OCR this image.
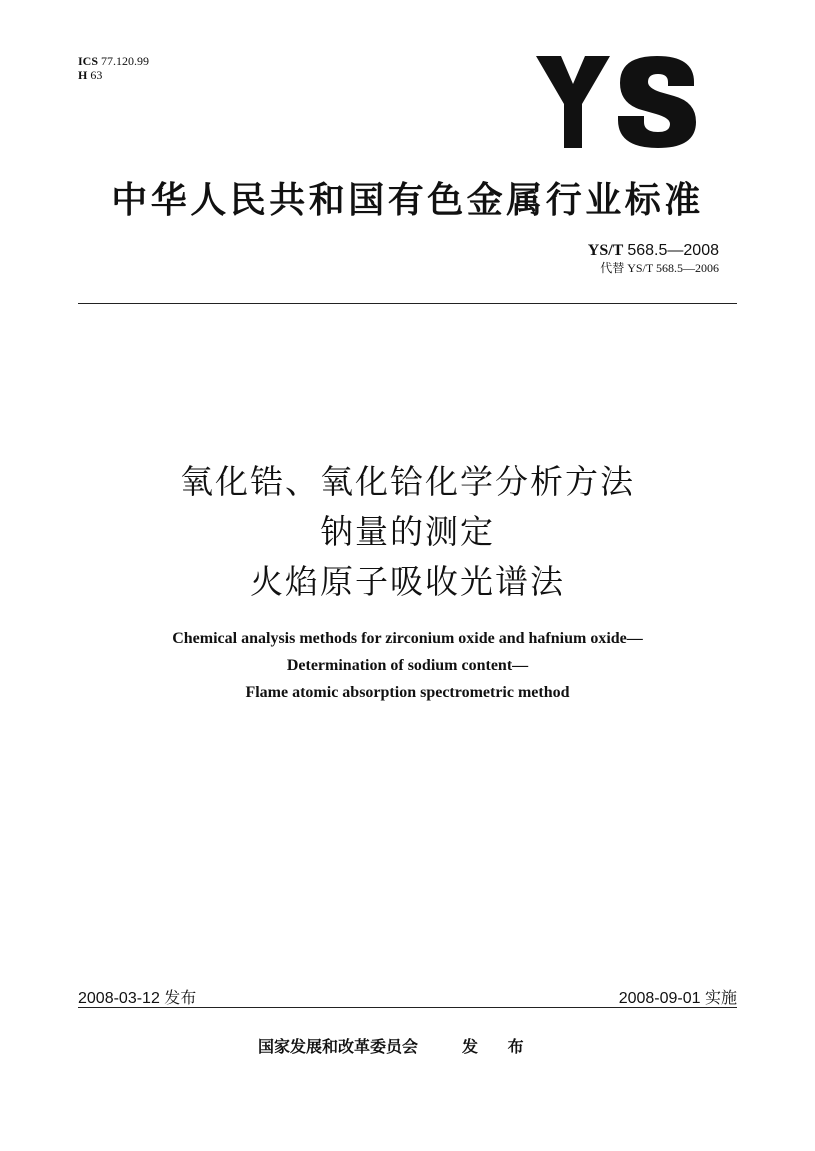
ICS 77.120.99
H 63
中华人民共和国有色金属行业标准
YS/T 568.5—2008
代替 YS/T 568.5—2006
氧化锆、氧化铪化学分析方法
钠量的测定
火焰原子吸收光谱法
Chemical analysis methods for zirconium oxide and hafnium oxide—
Determination of sodium content—
Flame atomic absorption spectrometric method
2008-03-12 发布	2008-09-01 实施
国家发展和改革委员会	发 布
